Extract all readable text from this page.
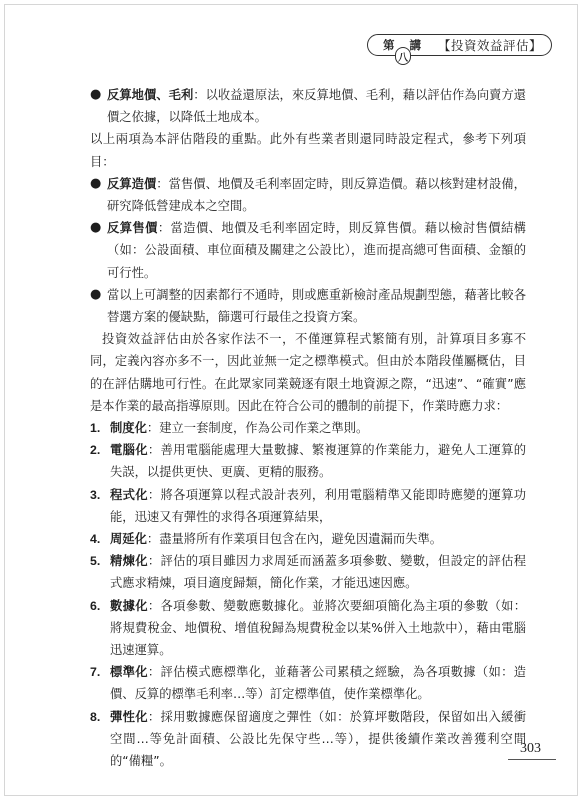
【投資效益評估】
第
八
講
● 反算地價、毛利：以收益還原法，來反算地價、毛利，藉以評估作為向賣方還價之依據，以降低土地成本。

以上兩項為本評估階段的重點。此外有些業者則還同時設定程式，參考下列項目：

● 反算造價：當售價、地價及毛利率固定時，則反算造價。藉以核對建材設備，研究降低營建成本之空間。
● 反算售價：當造價、地價及毛利率固定時，則反算售價。藉以檢討售價結構（如：公設面積、車位面積及關建之公設比），進而提高總可售面積、金額的可行性。
● 當以上可調整的因素都行不通時，則或應重新檢討產品規劃型態，藉著比較各替選方案的優缺點，篩選可行最佳之投資方案。

投資效益評估由於各家作法不一，不僅運算程式繁簡有別，計算項目多寡不同，定義內容亦多不一，因此並無一定之標準模式。但由於本階段僅屬概估，目的在評估購地可行性。在此眾家同業競逐有限土地資源之際，“迅速”、“確實”應是本作業的最高指導原則。因此在符合公司的體制的前提下，作業時應力求：

1. 制度化：建立一套制度，作為公司作業之準則。
2. 電腦化：善用電腦能處理大量數據、繁複運算的作業能力，避免人工運算的失誤，以提供更快、更廣、更精的服務。
3. 程式化：將各項運算以程式設計表列，利用電腦精準又能即時應變的運算功能，迅速又有彈性的求得各項運算結果，
4. 周延化：盡量將所有作業項目包含在內，避免因遺漏而失準。
5. 精煉化：評估的項目雖因力求周延而涵蓋多項參數、變數，但設定的評估程式應求精煉，項目適度歸類，簡化作業，才能迅速因應。
6. 數據化：各項參數、變數應數據化。並將次要細項簡化為主項的參數（如：將規費稅金、地價稅、增值稅歸為規費稅金以某%併入土地款中），藉由電腦迅速運算。
7. 標準化：評估模式應標準化，並藉著公司累積之經驗，為各項數據（如：造價、反算的標準毛利率…等）訂定標準值，使作業標準化。
8. 彈性化：採用數據應保留適度之彈性（如：於算坪數階段，保留如出入緩衝空間…等免計面積、公設比先保守些…等），提供後續作業改善獲利空間的“備糧”。
303
